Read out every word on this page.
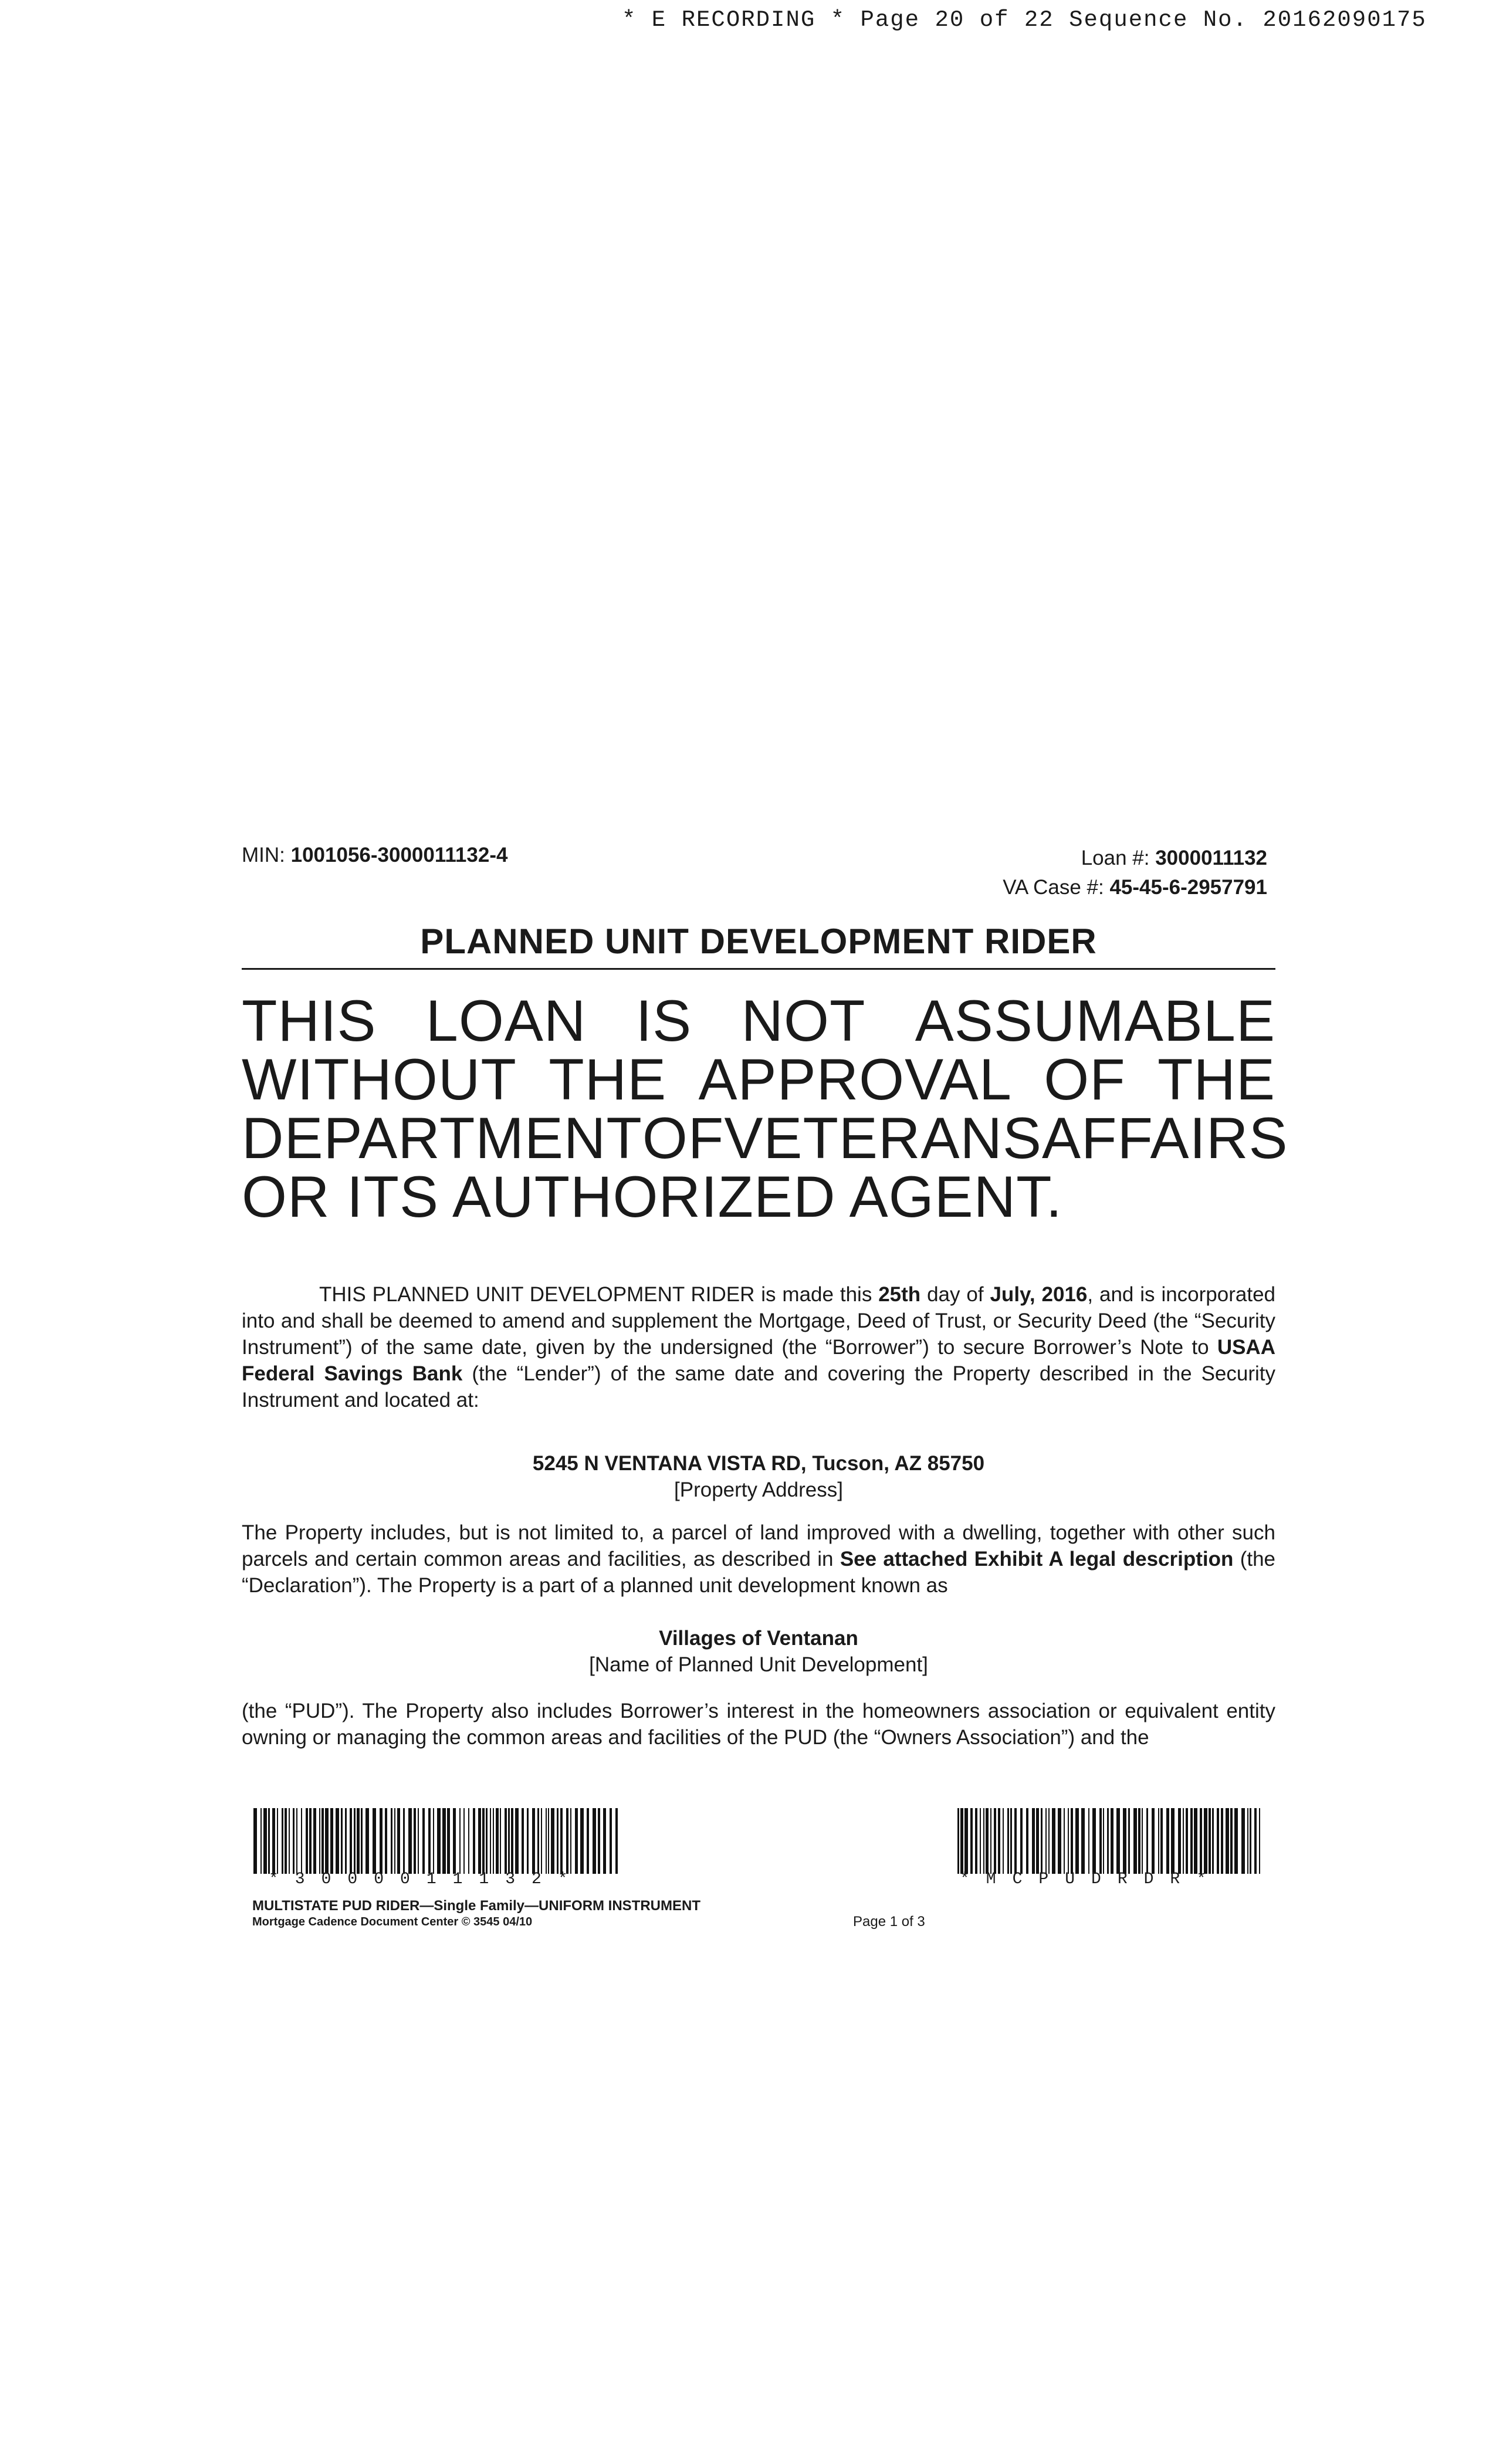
* E RECORDING * Page 20 of 22 Sequence No. 20162090175
MIN: 1001056-3000011132-4	Loan #: 3000011132
VA Case #: 45-45-6-2957791
PLANNED UNIT DEVELOPMENT RIDER
THIS LOAN IS NOT ASSUMABLE
WITHOUT THE APPROVAL OF THE
DEPARTMENT OF VETERANS AFFAIRS
OR ITS AUTHORIZED AGENT.
THIS PLANNED UNIT DEVELOPMENT RIDER is made this 25th day of July, 2016, and is incorporated into and shall be deemed to amend and supplement the Mortgage, Deed of Trust, or Security Deed (the “Security Instrument”) of the same date, given by the undersigned (the “Borrower”) to secure Borrower’s Note to USAA Federal Savings Bank (the “Lender”) of the same date and covering the Property described in the Security Instrument and located at:
5245 N VENTANA VISTA RD, Tucson, AZ 85750
[Property Address]
The Property includes, but is not limited to, a parcel of land improved with a dwelling, together with other such parcels and certain common areas and facilities, as described in See attached Exhibit A legal description (the “Declaration”). The Property is a part of a planned unit development known as
Villages of Ventanan
[Name of Planned Unit Development]
(the “PUD”). The Property also includes Borrower’s interest in the homeowners association or equivalent entity owning or managing the common areas and facilities of the PUD (the “Owners Association”) and the
*3000011132*	*MCPUDRDR*
MULTISTATE PUD RIDER—Single Family—UNIFORM INSTRUMENT
Mortgage Cadence Document Center © 3545 04/10	Page 1 of 3
